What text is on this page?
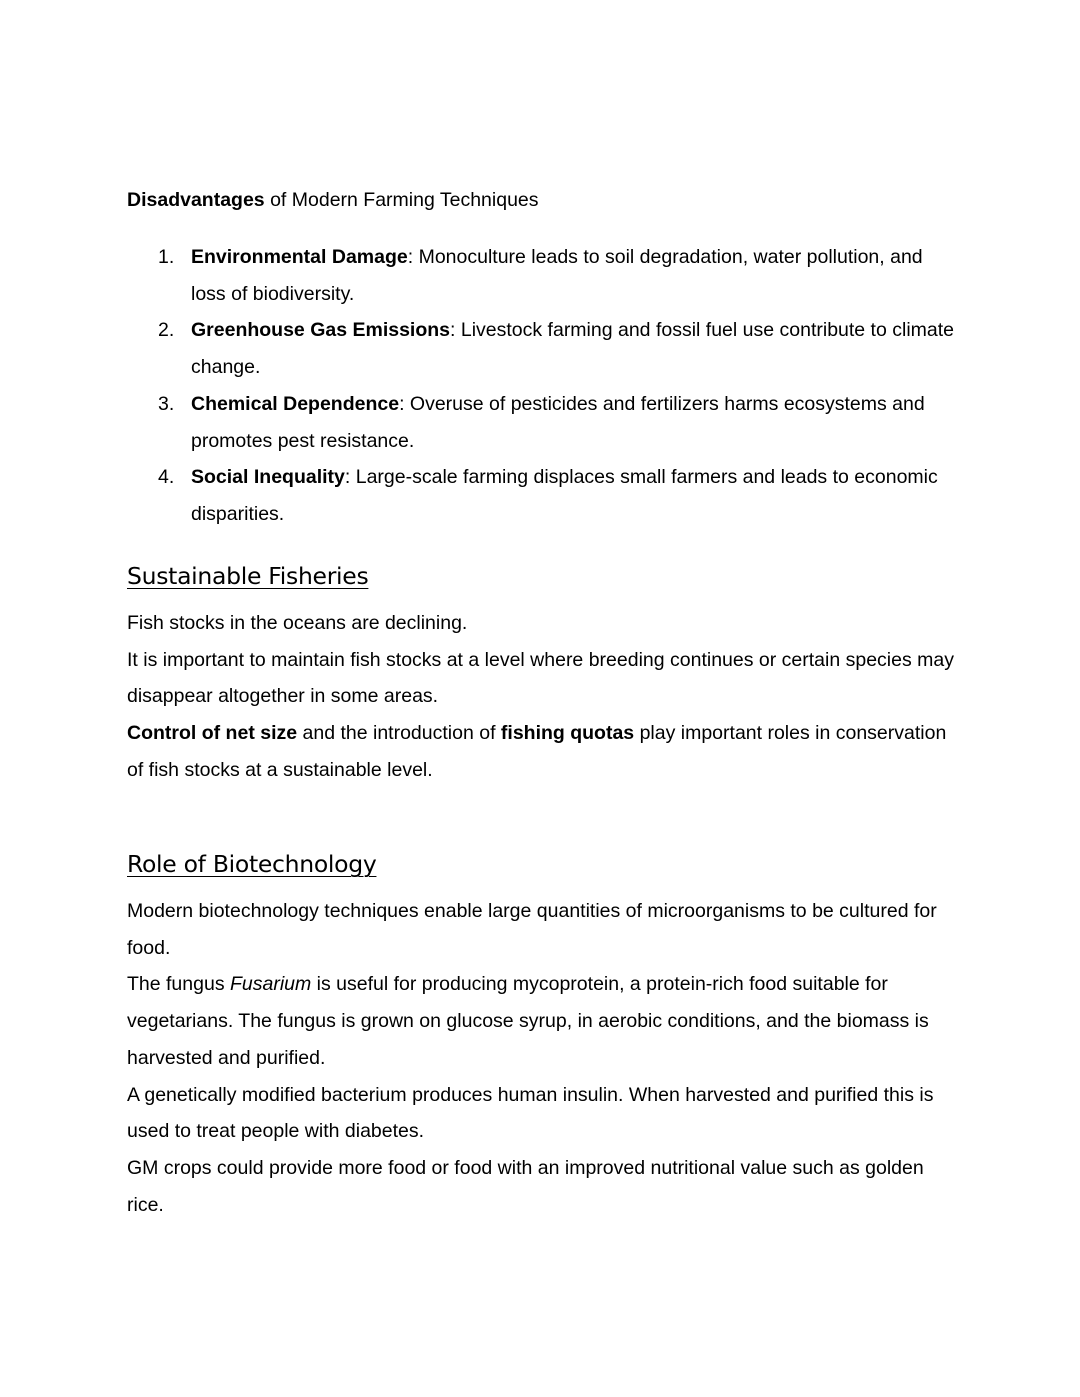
Disadvantages of Modern Farming Techniques
1. Environmental Damage: Monoculture leads to soil degradation, water pollution, and loss of biodiversity.
2. Greenhouse Gas Emissions: Livestock farming and fossil fuel use contribute to climate change.
3. Chemical Dependence: Overuse of pesticides and fertilizers harms ecosystems and promotes pest resistance.
4. Social Inequality: Large-scale farming displaces small farmers and leads to economic disparities.
Sustainable Fisheries

Fish stocks in the oceans are declining.

It is important to maintain fish stocks at a level where breeding continues or certain species may disappear altogether in some areas.

Control of net size and the introduction of fishing quotas play important roles in conservation of fish stocks at a sustainable level.

Role of Biotechnology

Modern biotechnology techniques enable large quantities of microorganisms to be cultured for food.

The fungus Fusarium is useful for producing mycoprotein, a protein-rich food suitable for vegetarians. The fungus is grown on glucose syrup, in aerobic conditions, and the biomass is harvested and purified.

A genetically modified bacterium produces human insulin. When harvested and purified this is used to treat people with diabetes.

GM crops could provide more food or food with an improved nutritional value such as golden rice.
